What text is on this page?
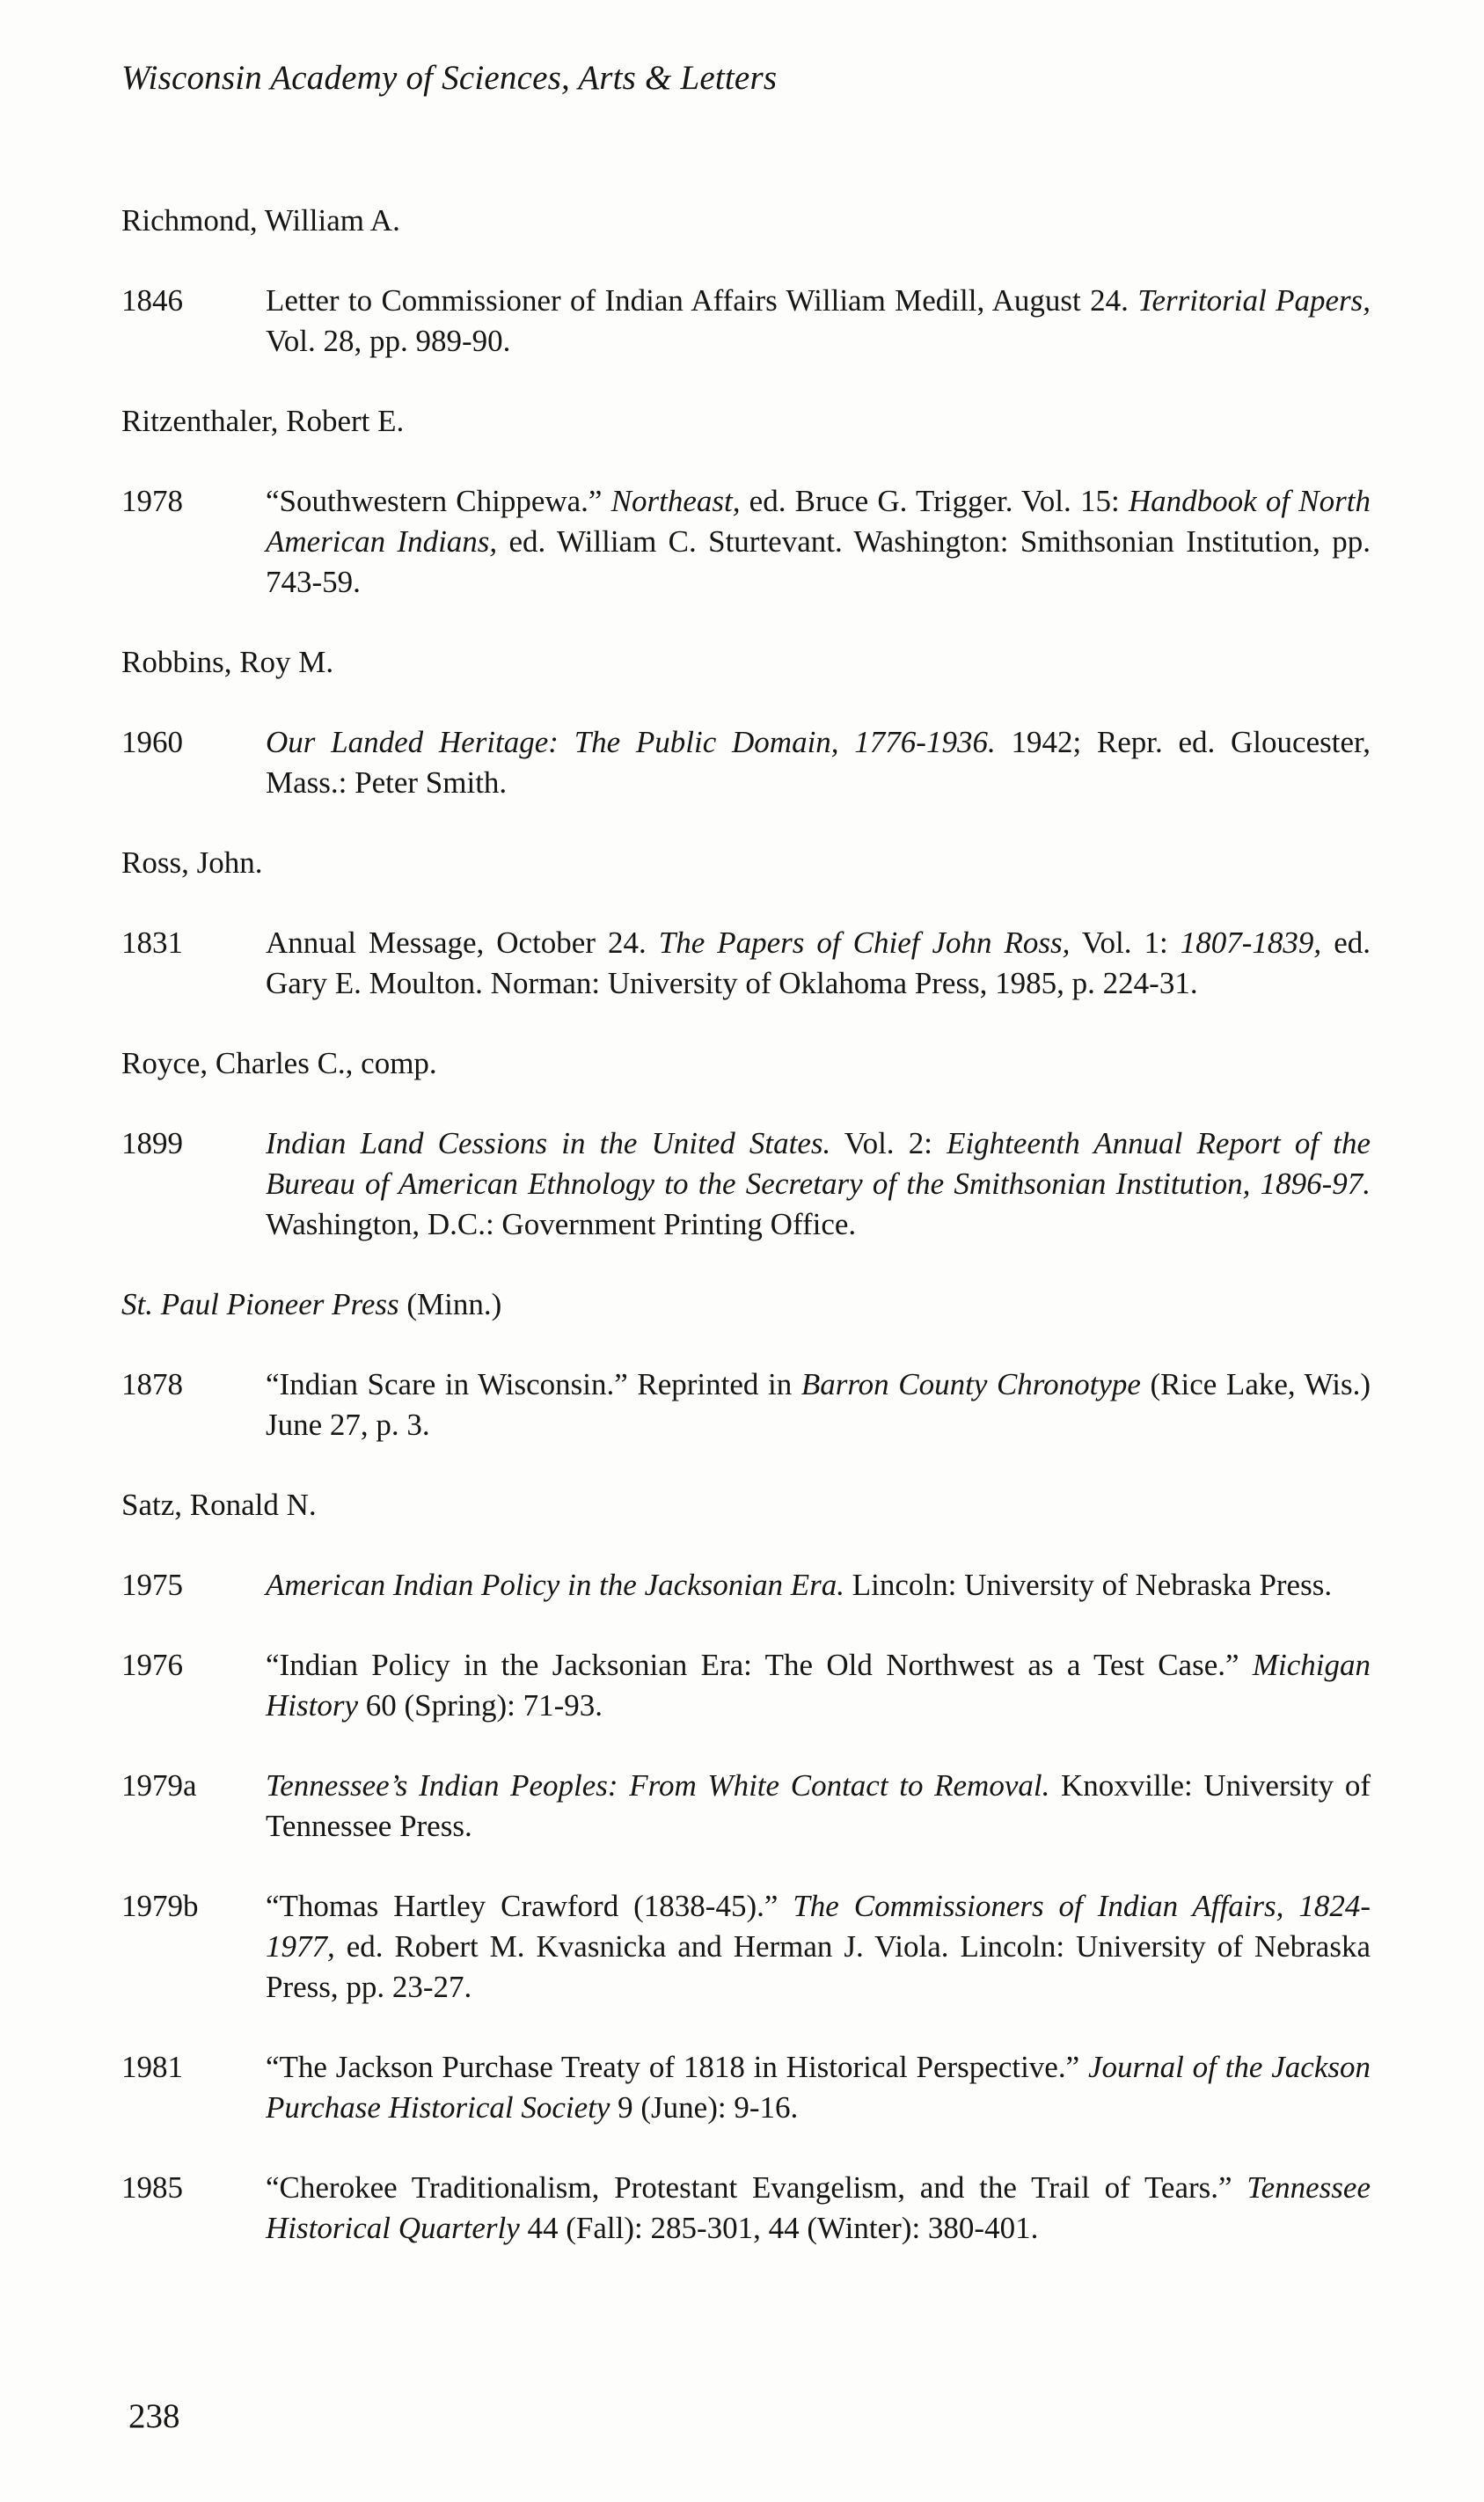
Wisconsin Academy of Sciences, Arts & Letters
Richmond, William A.
1846	Letter to Commissioner of Indian Affairs William Medill, August 24. Territorial Papers, Vol. 28, pp. 989-90.
Ritzenthaler, Robert E.
1978	“Southwestern Chippewa.” Northeast, ed. Bruce G. Trigger. Vol. 15: Handbook of North American Indians, ed. William C. Sturtevant. Washington: Smithsonian Institution, pp. 743-59.
Robbins, Roy M.
1960	Our Landed Heritage: The Public Domain, 1776-1936. 1942; Repr. ed. Gloucester, Mass.: Peter Smith.
Ross, John.
1831	Annual Message, October 24. The Papers of Chief John Ross, Vol. 1: 1807-1839, ed. Gary E. Moulton. Norman: University of Oklahoma Press, 1985, p. 224-31.
Royce, Charles C., comp.
1899	Indian Land Cessions in the United States. Vol. 2: Eighteenth Annual Report of the Bureau of American Ethnology to the Secretary of the Smithsonian Institution, 1896-97. Washington, D.C.: Government Printing Office.
St. Paul Pioneer Press (Minn.)
1878	“Indian Scare in Wisconsin.” Reprinted in Barron County Chronotype (Rice Lake, Wis.) June 27, p. 3.
Satz, Ronald N.
1975	American Indian Policy in the Jacksonian Era. Lincoln: University of Nebraska Press.
1976	“Indian Policy in the Jacksonian Era: The Old Northwest as a Test Case.” Michigan History 60 (Spring): 71-93.
1979a	Tennessee’s Indian Peoples: From White Contact to Removal. Knoxville: University of Tennessee Press.
1979b	“Thomas Hartley Crawford (1838-45).” The Commissioners of Indian Affairs, 1824-1977, ed. Robert M. Kvasnicka and Herman J. Viola. Lincoln: University of Nebraska Press, pp. 23-27.
1981	“The Jackson Purchase Treaty of 1818 in Historical Perspective.” Journal of the Jackson Purchase Historical Society 9 (June): 9-16.
1985	“Cherokee Traditionalism, Protestant Evangelism, and the Trail of Tears.” Tennessee Historical Quarterly 44 (Fall): 285-301, 44 (Winter): 380-401.
238
